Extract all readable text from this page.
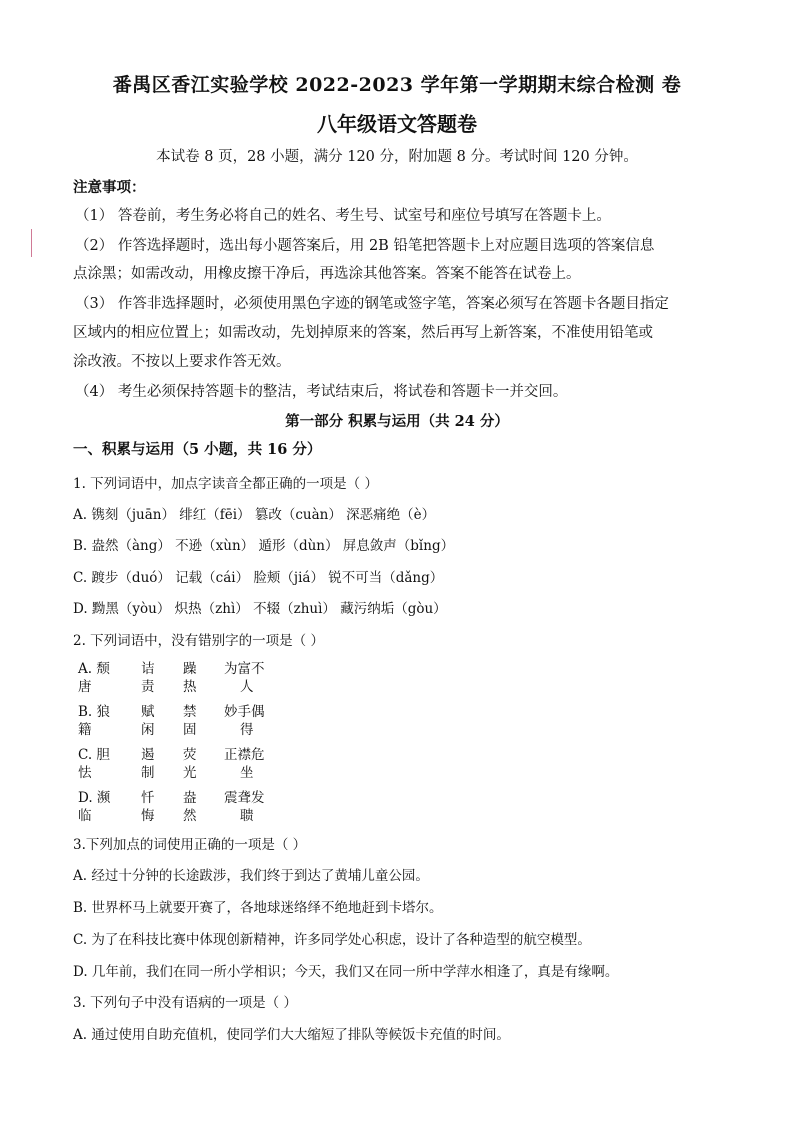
番禺区香江实验学校 2022-2023 学年第一学期期末综合检测 卷
八年级语文答题卷
本试卷 8 页，28 小题，满分 120 分，附加题 8 分。考试时间 120 分钟。
注意事项：
（1） 答卷前，考生务必将自己的姓名、考生号、试室号和座位号填写在答题卡上。
（2） 作答选择题时，选出每小题答案后，用 2B 铅笔把答题卡上对应题目选项的答案信息
点涂黑；如需改动，用橡皮擦干净后，再选涂其他答案。答案不能答在试卷上。
（3） 作答非选择题时，必须使用黑色字迹的钢笔或签字笔，答案必须写在答题卡各题目指定
区域内的相应位置上；如需改动，先划掉原来的答案，然后再写上新答案，不准使用铅笔或
涂改液。不按以上要求作答无效。
（4） 考生必须保持答题卡的整洁，考试结束后，将试卷和答题卡一并交回。
第一部分 积累与运用（共 24 分）
一、积累与运用（5 小题，共 16 分）
1. 下列词语中，加点字读音全都正确的一项是（ ）
A. 镌刻（juān） 绯红（fēi） 篡改（cuàn） 深恶痛绝（è）
B. 盎然（àng） 不逊（xùn） 遁形（dùn） 屏息敛声（bǐng）
C. 踱步（duó） 记载（cái） 脸颊（jiá） 锐不可当（dǎng）
D. 黝黑（yòu） 炽热（zhì） 不辍（zhuì） 藏污纳垢（gòu）
2. 下列词语中，没有错别字的一项是（ ）
A. 颓
唐
诘
责
躁
热
为富不
人
B. 狼
籍
赋
闲
禁
固
妙手偶
得
C. 胆
怯
遏
制
荧
光
正襟危
坐
D. 濒
临
忏
悔
盎
然
震聋发
聩
3.下列加点的词使用正确的一项是（ ）
A. 经过十分钟的长途跋涉，我们终于到达了黄埔儿童公园。
B. 世界杯马上就要开赛了，各地球迷络绎不绝地赶到卡塔尔。
C. 为了在科技比赛中体现创新精神，许多同学处心积虑，设计了各种造型的航空模型。
D. 几年前，我们在同一所小学相识；今天，我们又在同一所中学萍水相逢了，真是有缘啊。
3. 下列句子中没有语病的一项是（ ）
A. 通过使用自助充值机，使同学们大大缩短了排队等候饭卡充值的时间。
